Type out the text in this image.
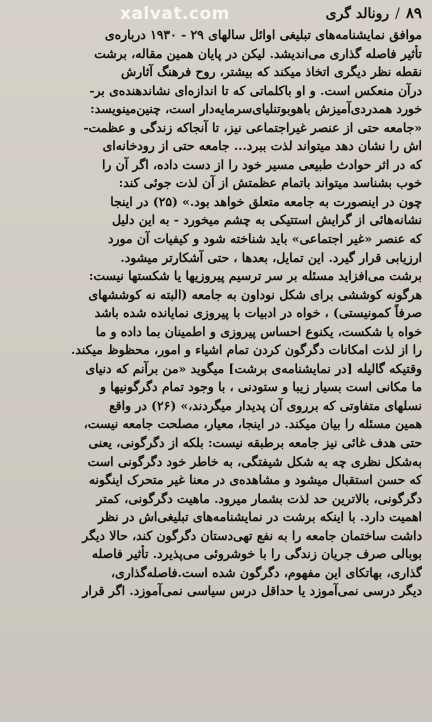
۸۹
/
رونالد گری
xalvat.com
موافق نمایشنامه‌های تبلیغی اوائل سالهای ۲۹ - ۱۹۳۰ درباره‌ی
تأثیر فاصله گذاری می‌اندیشد. لیکن در پایان همین مقاله، برشت
نقطه نظر دیگری اتخاذ میکند که بیشتر، روح فرهنگ آثارش
درآن منعکس است. و او باکلماتی که تا اندازه‌ای نشاندهنده‌ی بر-
خورد همدردی‌آمیزش باهوبوتنلیای‌سرمایه‌دار است، چنین‌مینویسد:
«جامعه حتی از عنصر غیراجتماعی نیز، تا آنجاکه زندگی و عظمت-
اش را نشان دهد میتواند لذت ببرد... جامعه حتی از رودخانه‌ای
که در اثر حوادث طبیعی مسیر خود را از دست داده، اگر آن را
خوب بشناسد میتواند باتمام عظمتش از آن لذت جوئی کند:
چون در اینصورت به جامعه متعلق خواهد بود.» (۲۵) در اینجا
نشانه‌هائی از گرایش استتیکی به چشم میخورد - به این دلیل
که عنصر «غیر اجتماعی» باید شناخته شود و کیفیات آن مورد
ارزیابی قرار گیرد. این تمایل، بعدها ، حتی آشکارتر میشود.
برشت می‌افزاید مسئله بر سر ترسیم پیروزیها یا شکستها نیست:
هرگونه کوششی برای شکل نوداون به جامعه (البته نه کوششهای
صرفاً کمونیستی) ، خواه در ادبیات با پیروزی نمایانده شده باشد
خواه با شکست، یکنوع احساس پیروزی و اطمینان بما داده و ما
را از لذت امکانات دگرگون کردن تمام اشیاء و امور، محظوظ میکند.
وقتیکه گالیله [در نمایشنامه‌ی برشت] میگوید «من برآنم که دنیای
ما مکانی است بسیار زیبا و ستودنی ، با وجود تمام دگرگونیها و
نسلهای متفاوتی که برروی آن پدیدار میگردند،» (۲۶) در واقع
همین مسئله را بیان میکند. در اینجا، معیار، مصلحت جامعه نیست،
حتی هدف غائی نیز جامعه برطبقه نیست: بلکه از دگرگونی، یعنی
به‌شکل نظری چه به شکل شیفتگی، به خاطر خود دگرگونی است
که حسن استقبال میشود و مشاهده‌ی در معنا غیر متحرک اینگونه
دگرگونی، بالاترین حد لذت بشمار میرود. ماهیت دگرگونی، کمتر
اهمیت دارد. با اینکه برشت در نمایشنامه‌های تبلیغی‌اش در نظر
داشت ساختمان جامعه را به نفع تهی‌دستان دگرگون کند، حالا دیگر
بوبالی صرف جریان زندگی را با خوشروئی می‌پذیرد. تأثیر فاصله
گذاری، بهاتکای این مفهوم، دگرگون شده است.فاصله‌گذاری،
دیگر درسی نمی‌آموزد یا حداقل درس سیاسی نمی‌آموزد. اگر قرار
